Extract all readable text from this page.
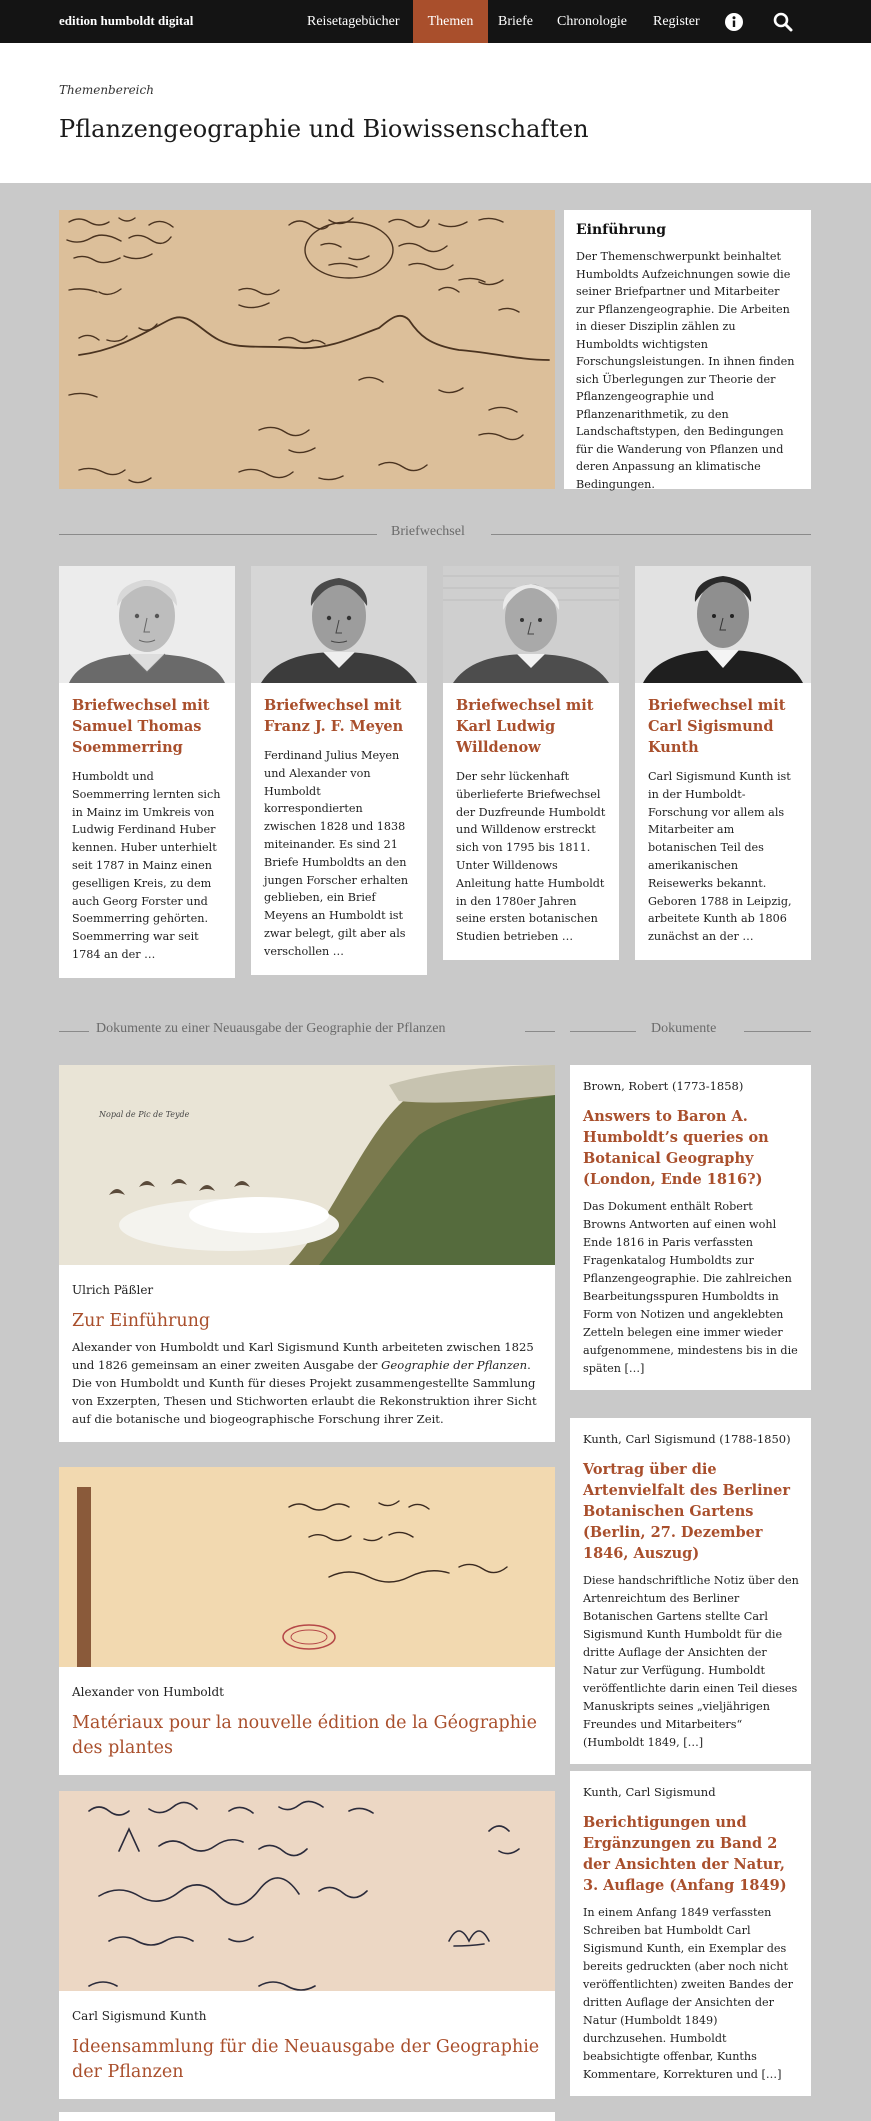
edition humboldt digital	Reisetagebücher	Themen	Briefe	Chronologie	Register
Themenbereich
Pflanzengeographie und Biowissenschaften
Einführung
Der Themenschwerpunkt beinhaltet Humboldts Aufzeichnungen sowie die seiner Briefpartner und Mitarbeiter zur Pflanzengeographie. Die Arbeiten in dieser Disziplin zählen zu Humboldts wichtigsten Forschungsleistungen. In ihnen finden sich Überlegungen zur Theorie der Pflanzengeographie und Pflanzenarithmetik, zu den Landschaftstypen, den Bedingungen für die Wanderung von Pflanzen und deren Anpassung an klimatische Bedingungen.
Briefwechsel
Briefwechsel mit Samuel Thomas Soemmerring
Humboldt und Soemmerring lernten sich in Mainz im Umkreis von Ludwig Ferdinand Huber kennen. Huber unterhielt seit 1787 in Mainz einen geselligen Kreis, zu dem auch Georg Forster und Soemmerring gehörten. Soemmerring war seit 1784 an der …
Briefwechsel mit Franz J. F. Meyen
Ferdinand Julius Meyen und Alexander von Humboldt korrespondierten zwischen 1828 und 1838 miteinander. Es sind 21 Briefe Humboldts an den jungen Forscher erhalten geblieben, ein Brief Meyens an Humboldt ist zwar belegt, gilt aber als verschollen …
Briefwechsel mit Karl Ludwig Willdenow
Der sehr lückenhaft überlieferte Briefwechsel der Duzfreunde Humboldt und Willdenow erstreckt sich von 1795 bis 1811. Unter Willdenows Anleitung hatte Humboldt in den 1780er Jahren seine ersten botanischen Studien betrieben …
Briefwechsel mit Carl Sigismund Kunth
Carl Sigismund Kunth ist in der Humboldt-Forschung vor allem als Mitarbeiter am botanischen Teil des amerikanischen Reisewerks bekannt. Geboren 1788 in Leipzig, arbeitete Kunth ab 1806 zunächst an der …
Dokumente zu einer Neuausgabe der Geographie der Pflanzen	Dokumente
Nopal de Pic de Teyde
Ulrich Päßler
Zur Einführung
Alexander von Humboldt und Karl Sigismund Kunth arbeiteten zwischen 1825 und 1826 gemeinsam an einer zweiten Ausgabe der Geographie der Pflanzen. Die von Humboldt und Kunth für dieses Projekt zusammengestellte Sammlung von Exzerpten, Thesen und Stichworten erlaubt die Rekonstruktion ihrer Sicht auf die botanische und biogeographische Forschung ihrer Zeit.
Alexander von Humboldt
Matériaux pour la nouvelle édition de la Géographie des plantes
Carl Sigismund Kunth
Ideensammlung für die Neuausgabe der Geographie der Pflanzen
Brown, Robert (1773-1858)
Answers to Baron A. Humboldt’s queries on Botanical Geography (London, Ende 1816?)
Das Dokument enthält Robert Browns Antworten auf einen wohl Ende 1816 in Paris verfassten Fragenkatalog Humboldts zur Pflanzengeographie. Die zahlreichen Bearbeitungsspuren Humboldts in Form von Notizen und angeklebten Zetteln belegen eine immer wieder aufgenommene, mindestens bis in die späten […]
Kunth, Carl Sigismund (1788-1850)
Vortrag über die Artenvielfalt des Berliner Botanischen Gartens (Berlin, 27. Dezember 1846, Auszug)
Diese handschriftliche Notiz über den Artenreichtum des Berliner Botanischen Gartens stellte Carl Sigismund Kunth Humboldt für die dritte Auflage der Ansichten der Natur zur Verfügung. Humboldt veröffentlichte darin einen Teil dieses Manuskripts seines „vieljährigen Freundes und Mitarbeiters“ (Humboldt 1849, […]
Kunth, Carl Sigismund
Berichtigungen und Ergänzungen zu Band 2 der Ansichten der Natur, 3. Auflage (Anfang 1849)
In einem Anfang 1849 verfassten Schreiben bat Humboldt Carl Sigismund Kunth, ein Exemplar des bereits gedruckten (aber noch nicht veröffentlichten) zweiten Bandes der dritten Auflage der Ansichten der Natur (Humboldt 1849) durchzusehen. Humboldt beabsichtigte offenbar, Kunths Kommentare, Korrekturen und […]
